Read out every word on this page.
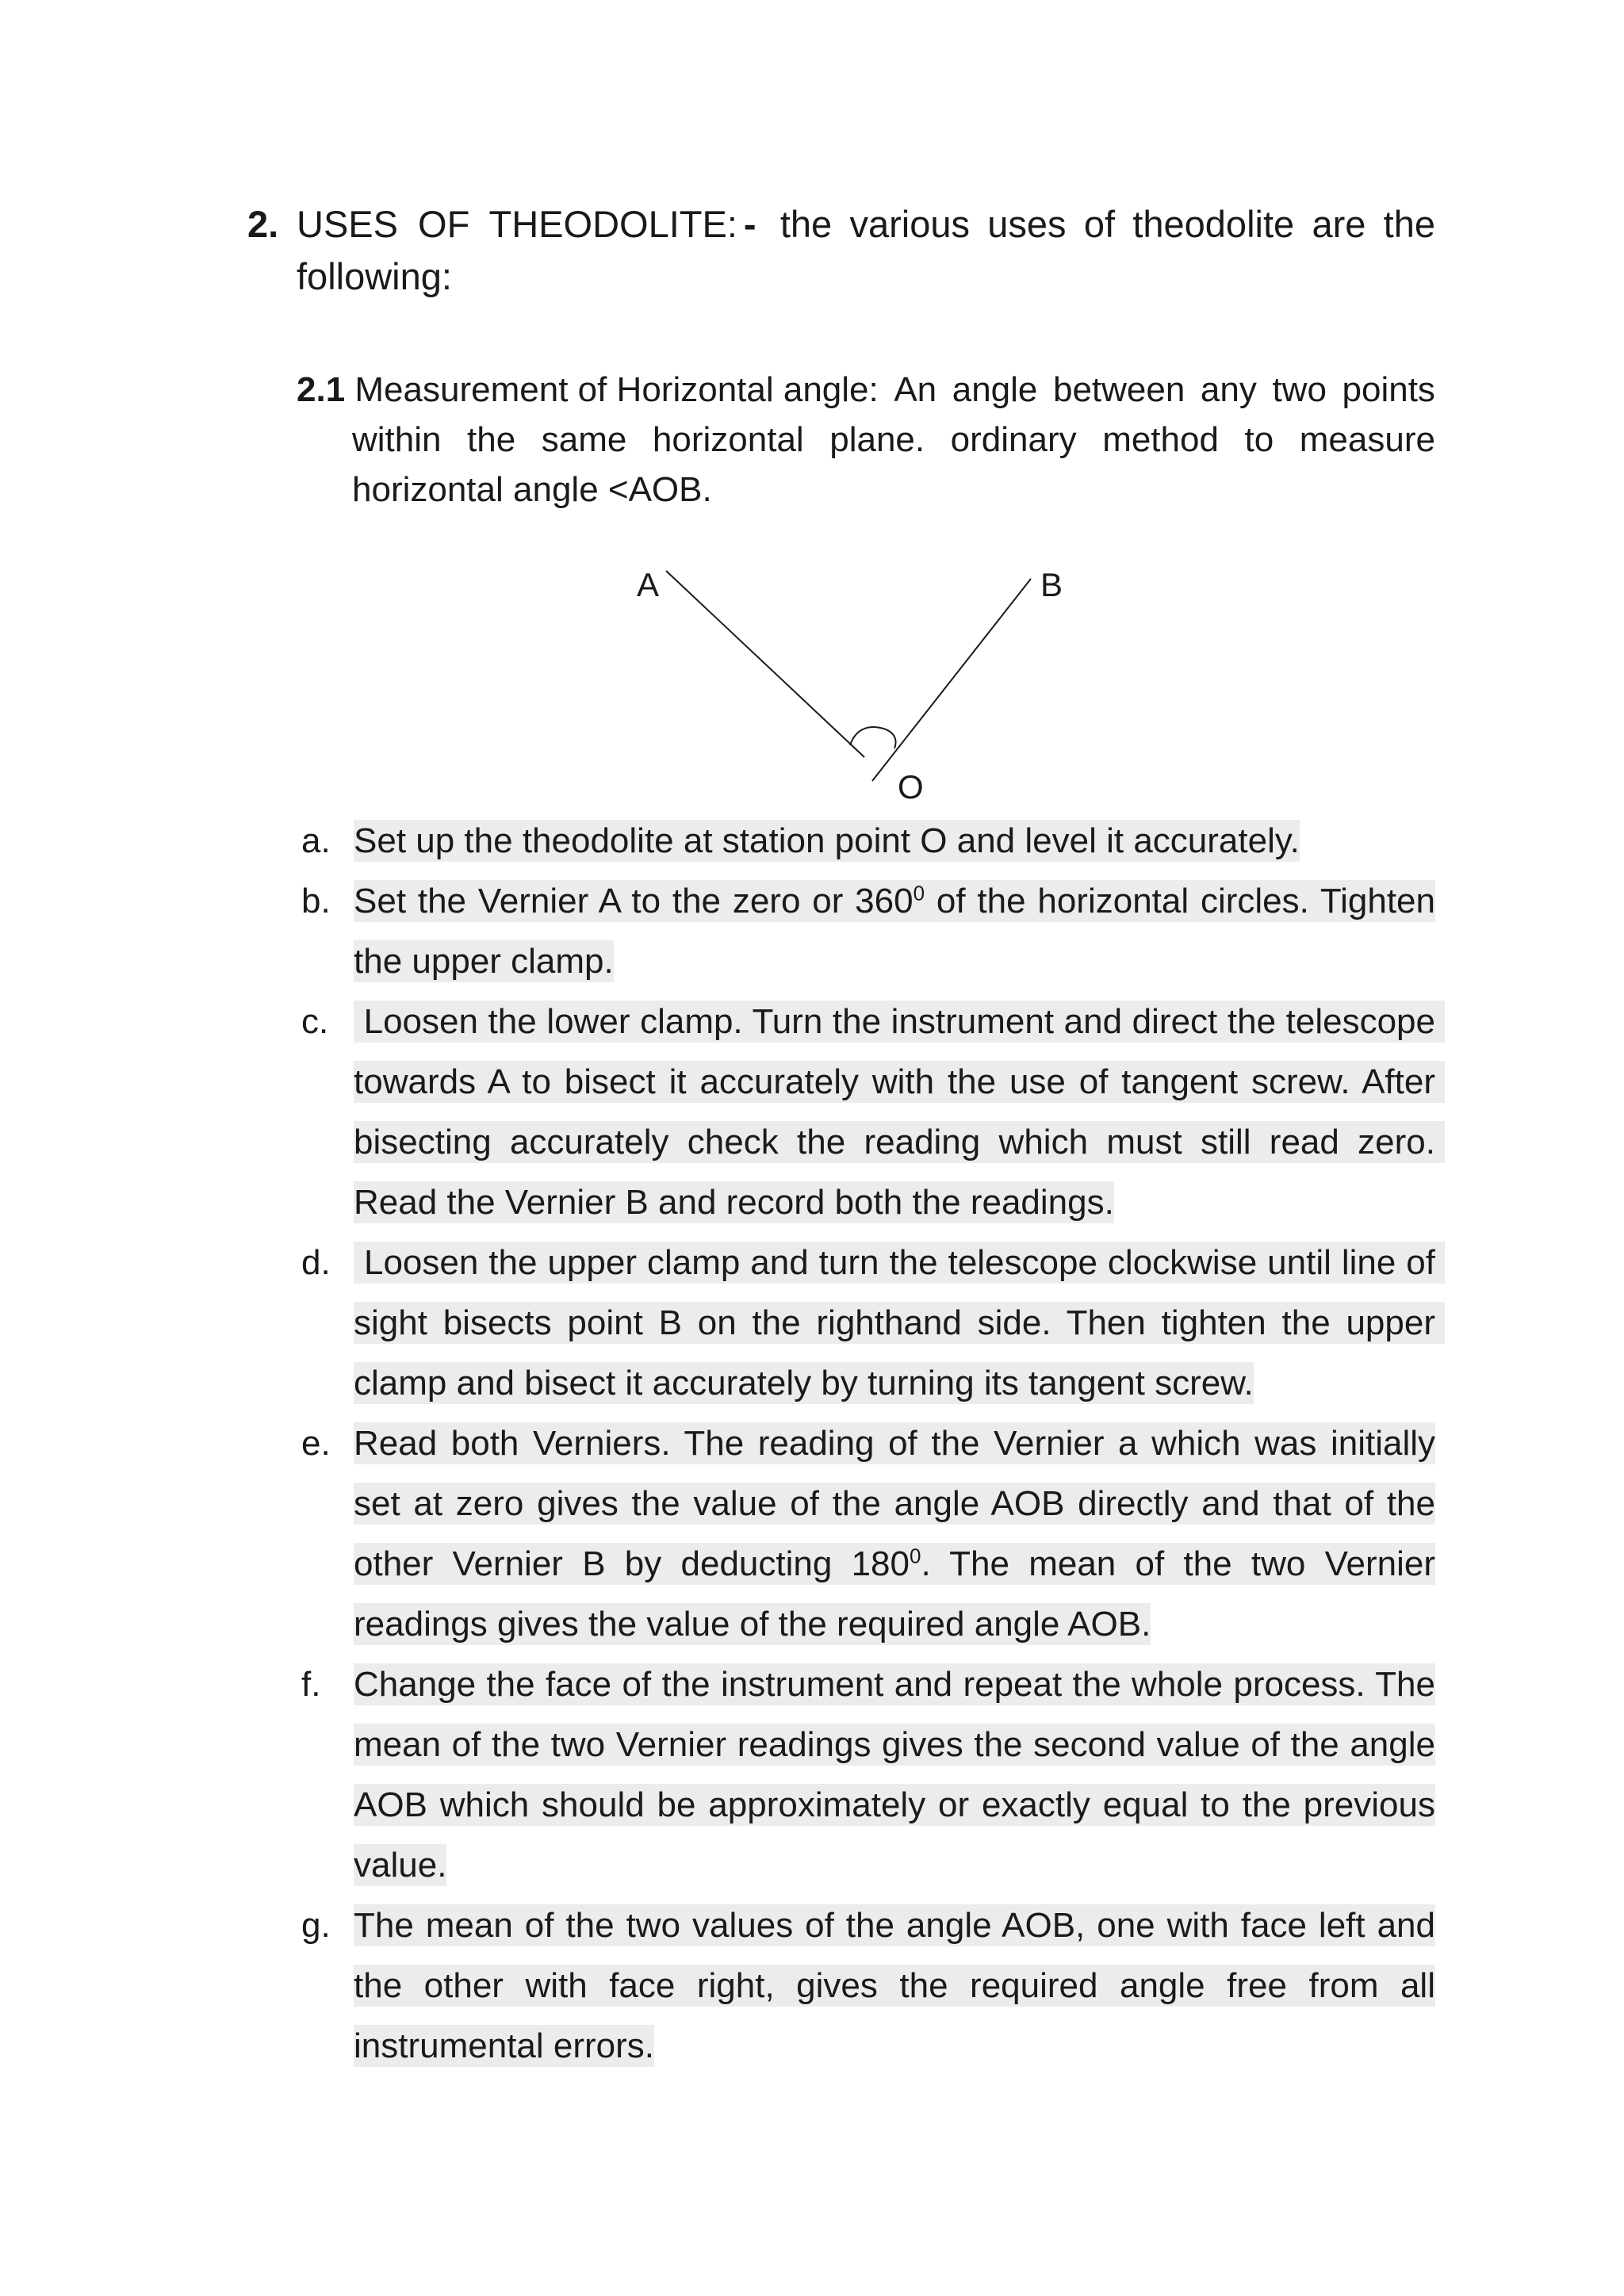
2. USES OF THEODOLITE: - the various uses of theodolite are the
following:
2.1 Measurement of Horizontal angle: An angle between any two points
within the same horizontal plane. ordinary method to measure
horizontal angle <AOB.
A	B
O
a. Set up the theodolite at station point O and level it accurately.
b. Set the Vernier A to the zero or $360^0$ of the horizontal circles. Tighten the upper clamp.
c. Loosen the lower clamp. Turn the instrument and direct the telescope towards A to bisect it accurately with the use of tangent screw. After bisecting accurately check the reading which must still read zero. Read the Vernier B and record both the readings.
d. Loosen the upper clamp and turn the telescope clockwise until line of sight bisects point B on the righthand side. Then tighten the upper clamp and bisect it accurately by turning its tangent screw.
e. Read both Verniers. The reading of the Vernier a which was initially set at zero gives the value of the angle AOB directly and that of the other Vernier B by deducting $180^0$. The mean of the two Vernier readings gives the value of the required angle AOB.
f. Change the face of the instrument and repeat the whole process. The mean of the two Vernier readings gives the second value of the angle AOB which should be approximately or exactly equal to the previous value.
g. The mean of the two values of the angle AOB, one with face left and the other with face right, gives the required angle free from all instrumental errors.
